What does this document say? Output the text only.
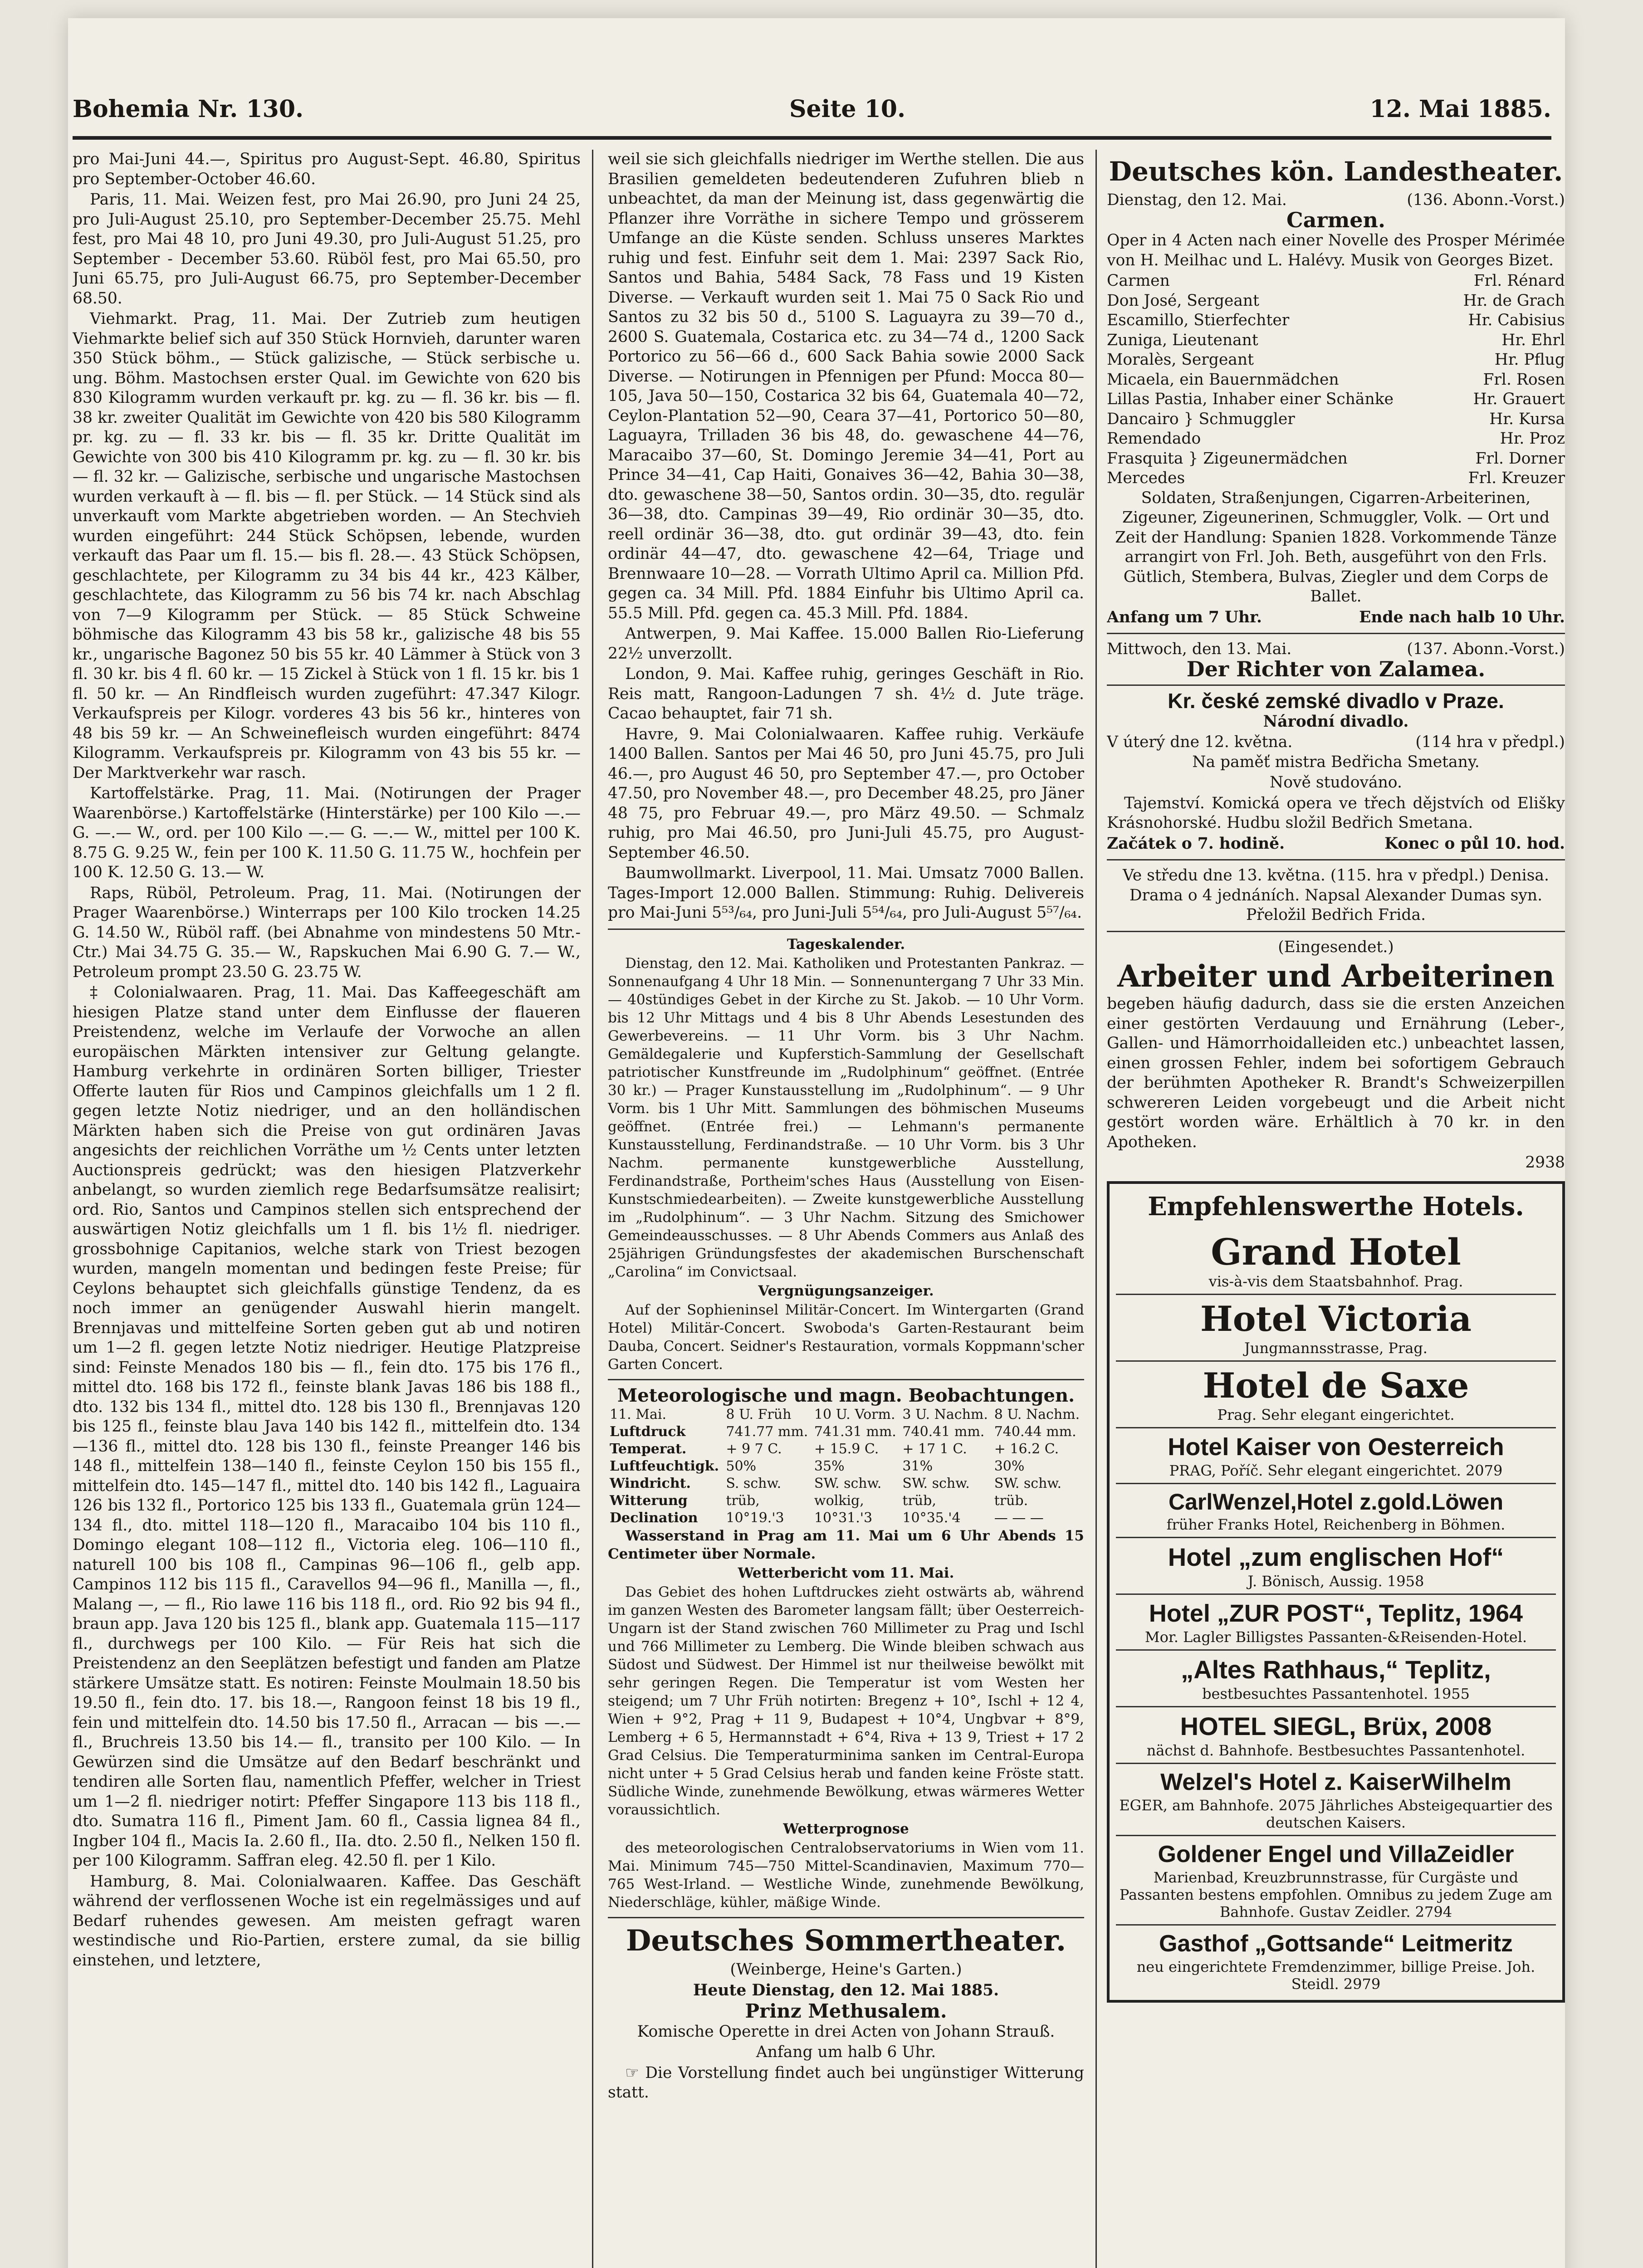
Bohemia Nr. 130.	Seite 10.	12. Mai 1885.

pro Mai-Juni 44.—, Spiritus pro August-Sept. 46.80, Spiritus pro September-October 46.60.

Paris, 11. Mai. Weizen fest, pro Mai 26.90, pro Juni 24 25, pro Juli-August 25.10, pro September-December 25.75. Mehl fest, pro Mai 48 10, pro Juni 49.30, pro Juli-August 51.25, pro September - December 53.60. Rüböl fest, pro Mai 65.50, pro Juni 65.75, pro Juli-August 66.75, pro September-December 68.50.

Viehmarkt. Prag, 11. Mai. Der Zutrieb zum heutigen Viehmarkte belief sich auf 350 Stück Hornvieh, darunter waren 350 Stück böhm., — Stück galizische, — Stück serbische u. ung. Böhm. Mastochsen erster Qual. im Gewichte von 620 bis 830 Kilogramm wurden verkauft pr. kg. zu — fl. 36 kr. bis — fl. 38 kr. zweiter Qualität im Gewichte von 420 bis 580 Kilogramm pr. kg. zu — fl. 33 kr. bis — fl. 35 kr. Dritte Qualität im Gewichte von 300 bis 410 Kilogramm pr. kg. zu — fl. 30 kr. bis — fl. 32 kr. — Galizische, serbische und ungarische Mastochsen wurden verkauft à — fl. bis — fl. per Stück. — 14 Stück sind als unverkauft vom Markte abgetrieben worden. — An Stechvieh wurden eingeführt: 244 Stück Schöpsen, lebende, wurden verkauft das Paar um fl. 15.— bis fl. 28.—. 43 Stück Schöpsen, geschlachtete, per Kilogramm zu 34 bis 44 kr., 423 Kälber, geschlachtete, das Kilogramm zu 56 bis 74 kr. nach Abschlag von 7—9 Kilogramm per Stück. — 85 Stück Schweine böhmische das Kilogramm 43 bis 58 kr., galizische 48 bis 55 kr., ungarische Bagonez 50 bis 55 kr. 40 Lämmer à Stück von 3 fl. 30 kr. bis 4 fl. 60 kr. — 15 Zickel à Stück von 1 fl. 15 kr. bis 1 fl. 50 kr. — An Rindfleisch wurden zugeführt: 47.347 Kilogr. Verkaufspreis per Kilogr. vorderes 43 bis 56 kr., hinteres von 48 bis 59 kr. — An Schweinefleisch wurden eingeführt: 8474 Kilogramm. Verkaufspreis pr. Kilogramm von 43 bis 55 kr. — Der Marktverkehr war rasch.

Kartoffelstärke. Prag, 11. Mai. (Notirungen der Prager Waarenbörse.) Kartoffelstärke (Hinterstärke) per 100 Kilo —.— G. —.— W., ord. per 100 Kilo —.— G. —.— W., mittel per 100 K. 8.75 G. 9.25 W., fein per 100 K. 11.50 G. 11.75 W., hochfein per 100 K. 12.50 G. 13.— W.

Raps, Rüböl, Petroleum. Prag, 11. Mai. (Notirungen der Prager Waarenbörse.) Winterraps per 100 Kilo trocken 14.25 G. 14.50 W., Rüböl raff. (bei Abnahme von mindestens 50 Mtr.-Ctr.) Mai 34.75 G. 35.— W., Rapskuchen Mai 6.90 G. 7.— W., Petroleum prompt 23.50 G. 23.75 W.

‡ Colonialwaaren. Prag, 11. Mai. Das Kaffeegeschäft am hiesigen Platze stand unter dem Einflusse der flaueren Preistendenz, welche im Verlaufe der Vorwoche an allen europäischen Märkten intensiver zur Geltung gelangte. Hamburg verkehrte in ordinären Sorten billiger, Triester Offerte lauten für Rios und Campinos gleichfalls um 1 2 fl. gegen letzte Notiz niedriger, und an den holländischen Märkten haben sich die Preise von gut ordinären Javas angesichts der reichlichen Vorräthe um ½ Cents unter letzten Auctionspreis gedrückt; was den hiesigen Platzverkehr anbelangt, so wurden ziemlich rege Bedarfsumsätze realisirt; ord. Rio, Santos und Campinos stellen sich entsprechend der auswärtigen Notiz gleichfalls um 1 fl. bis 1½ fl. niedriger. grossbohnige Capitanios, welche stark von Triest bezogen wurden, mangeln momentan und bedingen feste Preise; für Ceylons behauptet sich gleichfalls günstige Tendenz, da es noch immer an genügender Auswahl hierin mangelt. Brennjavas und mittelfeine Sorten geben gut ab und notiren um 1—2 fl. gegen letzte Notiz niedriger. Heutige Platzpreise sind: Feinste Menados 180 bis — fl., fein dto. 175 bis 176 fl., mittel dto. 168 bis 172 fl., feinste blank Javas 186 bis 188 fl., dto. 132 bis 134 fl., mittel dto. 128 bis 130 fl., Brennjavas 120 bis 125 fl., feinste blau Java 140 bis 142 fl., mittelfein dto. 134—136 fl., mittel dto. 128 bis 130 fl., feinste Preanger 146 bis 148 fl., mittelfein 138—140 fl., feinste Ceylon 150 bis 155 fl., mittelfein dto. 145—147 fl., mittel dto. 140 bis 142 fl., Laguaira 126 bis 132 fl., Portorico 125 bis 133 fl., Guatemala grün 124—134 fl., dto. mittel 118—120 fl., Maracaibo 104 bis 110 fl., Domingo elegant 108—112 fl., Victoria eleg. 106—110 fl., naturell 100 bis 108 fl., Campinas 96—106 fl., gelb app. Campinos 112 bis 115 fl., Caravellos 94—96 fl., Manilla —, fl., Malang —, — fl., Rio lawe 116 bis 118 fl., ord. Rio 92 bis 94 fl., braun app. Java 120 bis 125 fl., blank app. Guatemala 115—117 fl., durchwegs per 100 Kilo. — Für Reis hat sich die Preistendenz an den Seeplätzen befestigt und fanden am Platze stärkere Umsätze statt. Es notiren: Feinste Moulmain 18.50 bis 19.50 fl., fein dto. 17. bis 18.—, Rangoon feinst 18 bis 19 fl., fein und mittelfein dto. 14.50 bis 17.50 fl., Arracan — bis —.— fl., Bruchreis 13.50 bis 14.— fl., transito per 100 Kilo. — In Gewürzen sind die Umsätze auf den Bedarf beschränkt und tendiren alle Sorten flau, namentlich Pfeffer, welcher in Triest um 1—2 fl. niedriger notirt: Pfeffer Singapore 113 bis 118 fl., dto. Sumatra 116 fl., Piment Jam. 60 fl., Cassia lignea 84 fl., Ingber 104 fl., Macis Ia. 2.60 fl., IIa. dto. 2.50 fl., Nelken 150 fl. per 100 Kilogramm. Saffran eleg. 42.50 fl. per 1 Kilo.

Hamburg, 8. Mai. Colonialwaaren. Kaffee. Das Geschäft während der verflossenen Woche ist ein regelmässiges und auf Bedarf ruhendes gewesen. Am meisten gefragt waren westindische und Rio-Partien, erstere zumal, da sie billig einstehen, und letztere,

weil sie sich gleichfalls niedriger im Werthe stellen. Die aus Brasilien gemeldeten bedeutenderen Zufuhren blieb n unbeachtet, da man der Meinung ist, dass gegenwärtig die Pflanzer ihre Vorräthe in sichere Tempo und grösserem Umfange an die Küste senden. Schluss unseres Marktes ruhig und fest. Einfuhr seit dem 1. Mai: 2397 Sack Rio, Santos und Bahia, 5484 Sack, 78 Fass und 19 Kisten Diverse. — Verkauft wurden seit 1. Mai 75 0 Sack Rio und Santos zu 32 bis 50 d., 5100 S. Laguayra zu 39—70 d., 2600 S. Guatemala, Costarica etc. zu 34—74 d., 1200 Sack Portorico zu 56—66 d., 600 Sack Bahia sowie 2000 Sack Diverse. — Notirungen in Pfennigen per Pfund: Mocca 80—105, Java 50—150, Costarica 32 bis 64, Guatemala 40—72, Ceylon-Plantation 52—90, Ceara 37—41, Portorico 50—80, Laguayra, Trilladen 36 bis 48, do. gewaschene 44—76, Maracaibo 37—60, St. Domingo Jeremie 34—41, Port au Prince 34—41, Cap Haiti, Gonaives 36—42, Bahia 30—38, dto. gewaschene 38—50, Santos ordin. 30—35, dto. regulär 36—38, dto. Campinas 39—49, Rio ordinär 30—35, dto. reell ordinär 36—38, dto. gut ordinär 39—43, dto. fein ordinär 44—47, dto. gewaschene 42—64, Triage und Brennwaare 10—28. — Vorrath Ultimo April ca. Million Pfd. gegen ca. 34 Mill. Pfd. 1884 Einfuhr bis Ultimo April ca. 55.5 Mill. Pfd. gegen ca. 45.3 Mill. Pfd. 1884.

Antwerpen, 9. Mai Kaffee. 15.000 Ballen Rio-Lieferung 22½ unverzollt.

London, 9. Mai. Kaffee ruhig, geringes Geschäft in Rio. Reis matt, Rangoon-Ladungen 7 sh. 4½ d. Jute träge. Cacao behauptet, fair 71 sh.

Havre, 9. Mai Colonialwaaren. Kaffee ruhig. Verkäufe 1400 Ballen. Santos per Mai 46 50, pro Juni 45.75, pro Juli 46.—, pro August 46 50, pro September 47.—, pro October 47.50, pro November 48.—, pro December 48.25, pro Jäner 48 75, pro Februar 49.—, pro März 49.50. — Schmalz ruhig, pro Mai 46.50, pro Juni-Juli 45.75, pro August-September 46.50.

Baumwollmarkt. Liverpool, 11. Mai. Umsatz 7000 Ballen. Tages-Import 12.000 Ballen. Stimmung: Ruhig. Delivereis pro Mai-Juni 5⁵³/₆₄, pro Juni-Juli 5⁵⁴/₆₄, pro Juli-August 5⁵⁷/₆₄.

Tageskalender.

Dienstag, den 12. Mai. Katholiken und Protestanten Pankraz. — Sonnenaufgang 4 Uhr 18 Min. — Sonnenuntergang 7 Uhr 33 Min. — 40stündiges Gebet in der Kirche zu St. Jakob. — 10 Uhr Vorm. bis 12 Uhr Mittags und 4 bis 8 Uhr Abends Lesestunden des Gewerbevereins. — 11 Uhr Vorm. bis 3 Uhr Nachm. Gemäldegalerie und Kupferstich-Sammlung der Gesellschaft patriotischer Kunstfreunde im „Rudolphinum“ geöffnet. (Entrée 30 kr.) — Prager Kunstausstellung im „Rudolphinum“. — 9 Uhr Vorm. bis 1 Uhr Mitt. Sammlungen des böhmischen Museums geöffnet. (Entrée frei.) — Lehmann's permanente Kunstausstellung, Ferdinandstraße. — 10 Uhr Vorm. bis 3 Uhr Nachm. permanente kunstgewerbliche Ausstellung, Ferdinandstraße, Portheim'sches Haus (Ausstellung von Eisen-Kunstschmiedearbeiten). — Zweite kunstgewerbliche Ausstellung im „Rudolphinum“. — 3 Uhr Nachm. Sitzung des Smichower Gemeindeausschusses. — 8 Uhr Abends Commers aus Anlaß des 25jährigen Gründungsfestes der akademischen Burschenschaft „Carolina“ im Convictsaal.

Vergnügungsanzeiger.

Auf der Sophieninsel Militär-Concert. Im Wintergarten (Grand Hotel) Militär-Concert. Swoboda's Garten-Restaurant beim Dauba, Concert. Seidner's Restauration, vormals Koppmann'scher Garten Concert.

Meteorologische und magn. Beobachtungen.

11. Mai.	8 U. Früh	10 U. Vorm.	3 U. Nachm.	8 U. Nachm.
Luftdruck	741.77 mm.	741.31 mm.	740.41 mm.	740.44 mm.
Temperat.	+ 9 7 C.	+ 15.9 C.	+ 17 1 C.	+ 16.2 C.
Luftfeuchtigk.	50%	35%	31%	30%
Windricht.	S. schw.	SW. schw.	SW. schw.	SW. schw.
Witterung	trüb,	wolkig,	trüb,	trüb.
Declination	10°19.'3	10°31.'3	10°35.'4	— — —

Wasserstand in Prag am 11. Mai um 6 Uhr Abends 15 Centimeter über Normale.

Wetterbericht vom 11. Mai.

Das Gebiet des hohen Luftdruckes zieht ostwärts ab, während im ganzen Westen des Barometer langsam fällt; über Oesterreich-Ungarn ist der Stand zwischen 760 Millimeter zu Prag und Ischl und 766 Millimeter zu Lemberg. Die Winde bleiben schwach aus Südost und Südwest. Der Himmel ist nur theilweise bewölkt mit sehr geringen Regen. Die Temperatur ist vom Westen her steigend; um 7 Uhr Früh notirten: Bregenz + 10°, Ischl + 12 4, Wien + 9°2, Prag + 11 9, Budapest + 10°4, Ungbvar + 8°9, Lemberg + 6 5, Hermannstadt + 6°4, Riva + 13 9, Triest + 17 2 Grad Celsius. Die Temperaturminima sanken im Central-Europa nicht unter + 5 Grad Celsius herab und fanden keine Fröste statt. Südliche Winde, zunehmende Bewölkung, etwas wärmeres Wetter voraussichtlich.

Wetterprognose

des meteorologischen Centralobservatoriums in Wien vom 11. Mai. Minimum 745—750 Mittel-Scandinavien, Maximum 770—765 West-Irland. — Westliche Winde, zunehmende Bewölkung, Niederschläge, kühler, mäßige Winde.

Deutsches Sommertheater.

(Weinberge, Heine's Garten.)

Heute Dienstag, den 12. Mai 1885.

Prinz Methusalem.

Komische Operette in drei Acten von Johann Strauß.

Anfang um halb 6 Uhr.

☞ Die Vorstellung findet auch bei ungünstiger Witterung statt.

Deutsches kön. Landestheater.
Dienstag, den 12. Mai.	(136. Abonn.-Vorst.)

Carmen.

Oper in 4 Acten nach einer Novelle des Prosper Mérimée von H. Meilhac und L. Halévy. Musik von Georges Bizet.

Carmen	Frl. Rénard
Don José, Sergeant	Hr. de Grach
Escamillo, Stierfechter	Hr. Cabisius
Zuniga, Lieutenant	Hr. Ehrl
Moralès, Sergeant	Hr. Pflug
Micaela, ein Bauernmädchen	Frl. Rosen
Lillas Pastia, Inhaber einer Schänke	Hr. Grauert
Dancairo } Schmuggler	Hr. Kursa
Remendado	Hr. Proz
Frasquita } Zigeunermädchen	Frl. Dorner
Mercedes	Frl. Kreuzer

Soldaten, Straßenjungen, Cigarren-Arbeiterinen, Zigeuner, Zigeunerinen, Schmuggler, Volk. — Ort und Zeit der Handlung: Spanien 1828. Vorkommende Tänze arrangirt von Frl. Joh. Beth, ausgeführt von den Frls. Gütlich, Stembera, Bulvas, Ziegler und dem Corps de Ballet.

Anfang um 7 Uhr.	Ende nach halb 10 Uhr.
Mittwoch, den 13. Mai.	(137. Abonn.-Vorst.)

Der Richter von Zalamea.

Kr. české zemské divadlo v Praze.

Národní divadlo.

V úterý dne 12. května.	(114 hra v předpl.)

Na paměť mistra Bedřicha Smetany.

Nově studováno.

Tajemství. Komická opera ve třech dějstvích od Elišky Krásnohorské. Hudbu složil Bedřich Smetana.

Začátek o 7. hodině.	Konec o půl 10. hod.

Ve středu dne 13. května. (115. hra v předpl.) Denisa. Drama o 4 jednáních. Napsal Alexander Dumas syn. Přeložil Bedřich Frida.

(Eingesendet.)

Arbeiter und Arbeiterinen

begeben häufig dadurch, dass sie die ersten Anzeichen einer gestörten Verdauung und Ernährung (Leber-, Gallen- und Hämorrhoidalleiden etc.) unbeachtet lassen, einen grossen Fehler, indem bei sofortigem Gebrauch der berühmten Apotheker R. Brandt's Schweizerpillen schwereren Leiden vorgebeugt und die Arbeit nicht gestört worden wäre. Erhältlich à 70 kr. in den Apotheken.

2938

Empfehlenswerthe Hotels.
Grand Hotel
vis-à-vis dem Staatsbahnhof. Prag.
Hotel Victoria
Jungmannsstrasse, Prag.
Hotel de Saxe
Prag. Sehr elegant eingerichtet.
Hotel Kaiser von Oesterreich
PRAG, Poříč. Sehr elegant eingerichtet. 2079
CarlWenzel,Hotel z.gold.Löwen
früher Franks Hotel, Reichenberg in Böhmen.
Hotel „zum englischen Hof“
J. Bönisch, Aussig. 1958
Hotel „ZUR POST“, Teplitz, 1964
Mor. Lagler Billigstes Passanten-&Reisenden-Hotel.
„Altes Rathhaus,“ Teplitz,
bestbesuchtes Passantenhotel. 1955
HOTEL SIEGL, Brüx, 2008
nächst d. Bahnhofe. Bestbesuchtes Passantenhotel.
Welzel's Hotel z. KaiserWilhelm
EGER, am Bahnhofe. 2075 Jährliches Absteigequartier des deutschen Kaisers.
Goldener Engel und VillaZeidler
Marienbad, Kreuzbrunnstrasse, für Curgäste und Passanten bestens empfohlen. Omnibus zu jedem Zuge am Bahnhofe. Gustav Zeidler. 2794
Gasthof „Gottsande“ Leitmeritz
neu eingerichtete Fremdenzimmer, billige Preise. Joh. Steidl. 2979
